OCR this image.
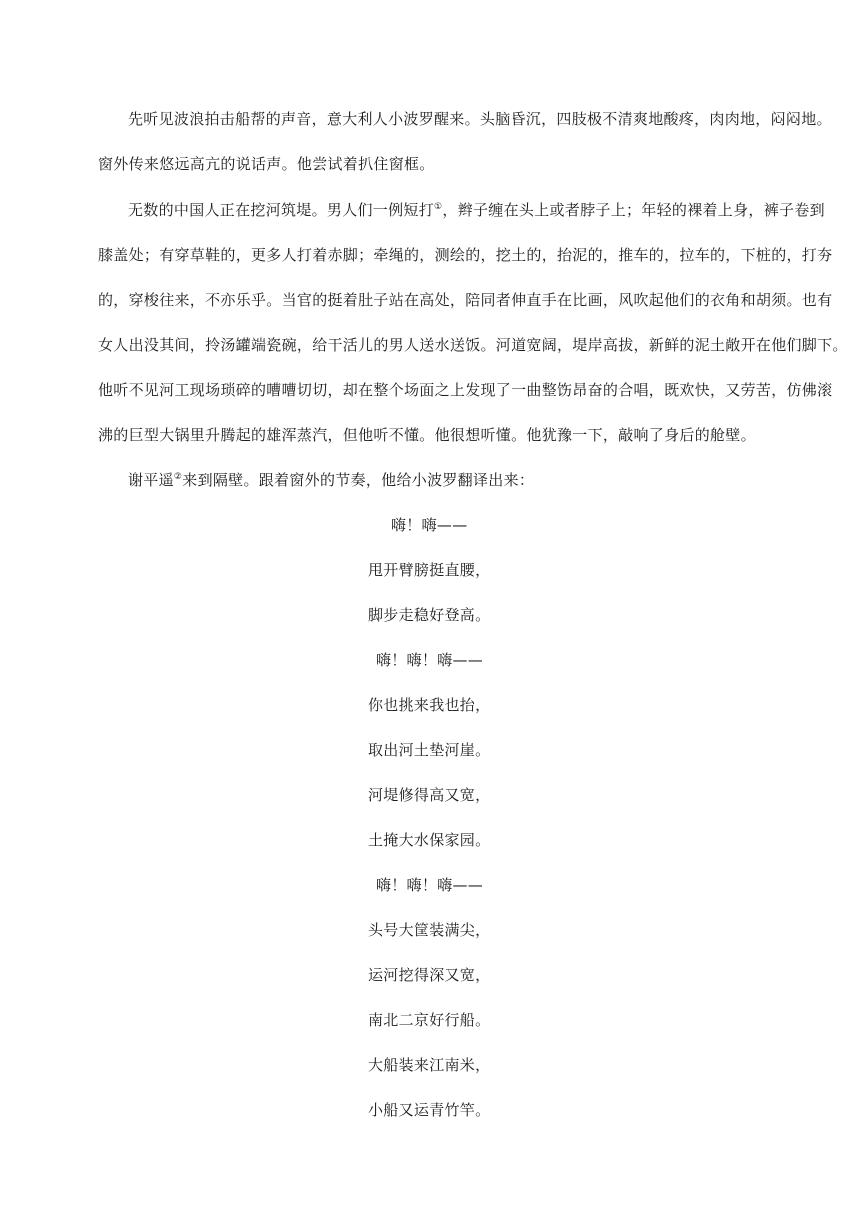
先听见波浪拍击船帮的声音，意大利人小波罗醒来。头脑昏沉，四肢极不清爽地酸疼，肉肉地，闷闷地。
窗外传来悠远高亢的说话声。他尝试着扒住窗框。
无数的中国人正在挖河筑堤。男人们一例短打①，辫子缠在头上或者脖子上；年轻的裸着上身，裤子卷到
膝盖处；有穿草鞋的，更多人打着赤脚；牵绳的，测绘的，挖土的，抬泥的，推车的，拉车的，下桩的，打夯
的，穿梭往来，不亦乐乎。当官的挺着肚子站在高处，陪同者伸直手在比画，风吹起他们的衣角和胡须。也有
女人出没其间，拎汤罐端瓷碗，给干活儿的男人送水送饭。河道宽阔，堤岸高拔，新鲜的泥土敞开在他们脚下。
他听不见河工现场琐碎的嘈嘈切切，却在整个场面之上发现了一曲整饬昂奋的合唱，既欢快，又劳苦，仿佛滚
沸的巨型大锅里升腾起的雄浑蒸汽，但他听不懂。他很想听懂。他犹豫一下，敲响了身后的舱壁。
谢平遥②来到隔壁。跟着窗外的节奏，他给小波罗翻译出来：
嗨！嗨——
甩开臂膀挺直腰，
脚步走稳好登高。
嗨！嗨！嗨——
你也挑来我也抬，
取出河土垫河崖。
河堤修得高又宽，
土掩大水保家园。
嗨！嗨！嗨——
头号大筐装满尖，
运河挖得深又宽，
南北二京好行船。
大船装来江南米，
小船又运青竹竿。
